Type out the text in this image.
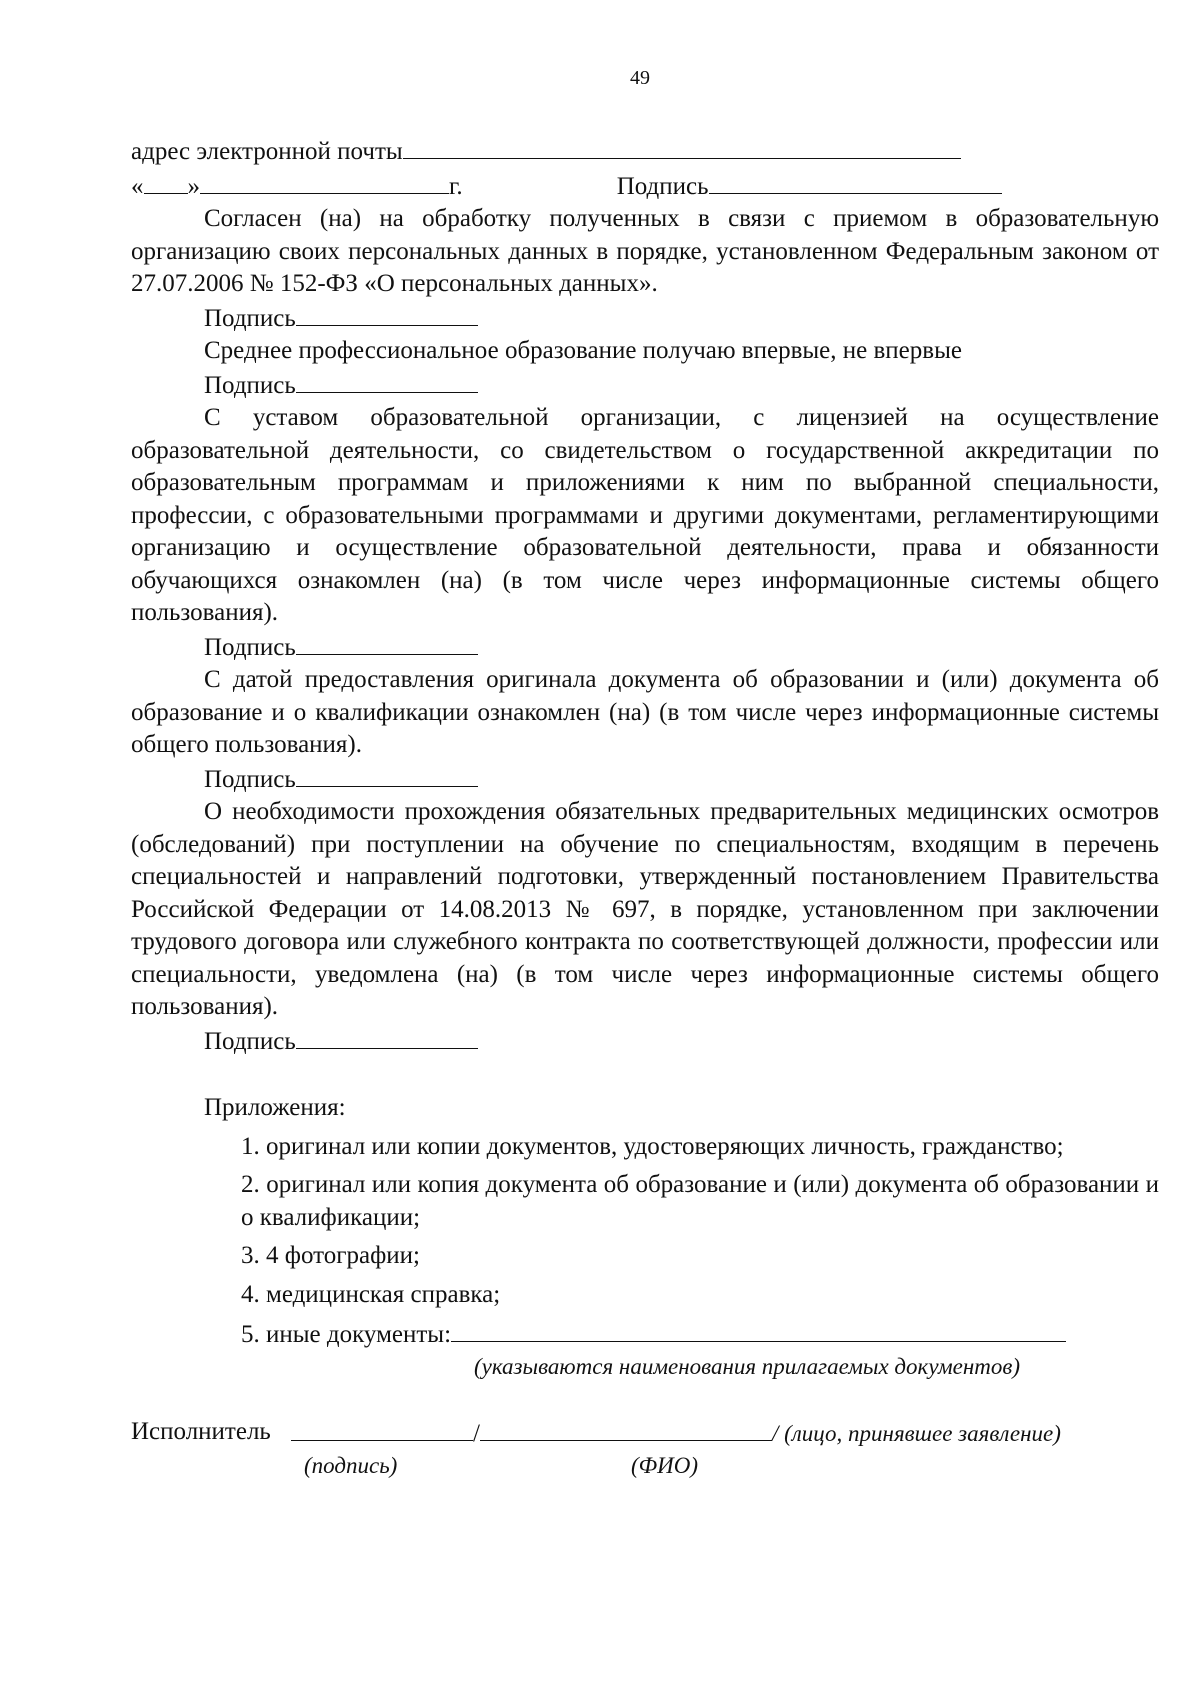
49
адрес электронной почты
« »	г.	Подпись
Согласен (на) на обработку полученных в связи с приемом в образовательную организацию своих персональных данных в порядке, установленном Федеральным законом от 27.07.2006 № 152-ФЗ «О персональных данных».
Подпись
Среднее профессиональное образование получаю впервые, не впервые
Подпись
С уставом образовательной организации, с лицензией на осуществление образовательной деятельности, со свидетельством о государственной аккредитации по образовательным программам и приложениями к ним по выбранной специальности, профессии, с образовательными программами и другими документами, регламентирующими организацию и осуществление образовательной деятельности, права и обязанности обучающихся ознакомлен (на) (в том числе через информационные системы общего пользования).
Подпись
С датой предоставления оригинала документа об образовании и (или) документа об образование и о квалификации ознакомлен (на) (в том числе через информационные системы общего пользования).
Подпись
О необходимости прохождения обязательных предварительных медицинских осмотров (обследований) при поступлении на обучение по специальностям, входящим в перечень специальностей и направлений подготовки, утвержденный постановлением Правительства Российской Федерации от 14.08.2013 № 697, в порядке, установленном при заключении трудового договора или служебного контракта по соответствующей должности, профессии или специальности, уведомлена (на) (в том числе через информационные системы общего пользования).
Подпись
Приложения:
1. оригинал или копии документов, удостоверяющих личность, гражданство;
2. оригинал или копия документа об образование и (или) документа об образовании и о квалификации;
3. 4 фотографии;
4. медицинская справка;
5. иные документы:
(указываются наименования прилагаемых документов)
Исполнитель	/	/ (лицо, принявшее заявление)
(подпись)	(ФИО)
